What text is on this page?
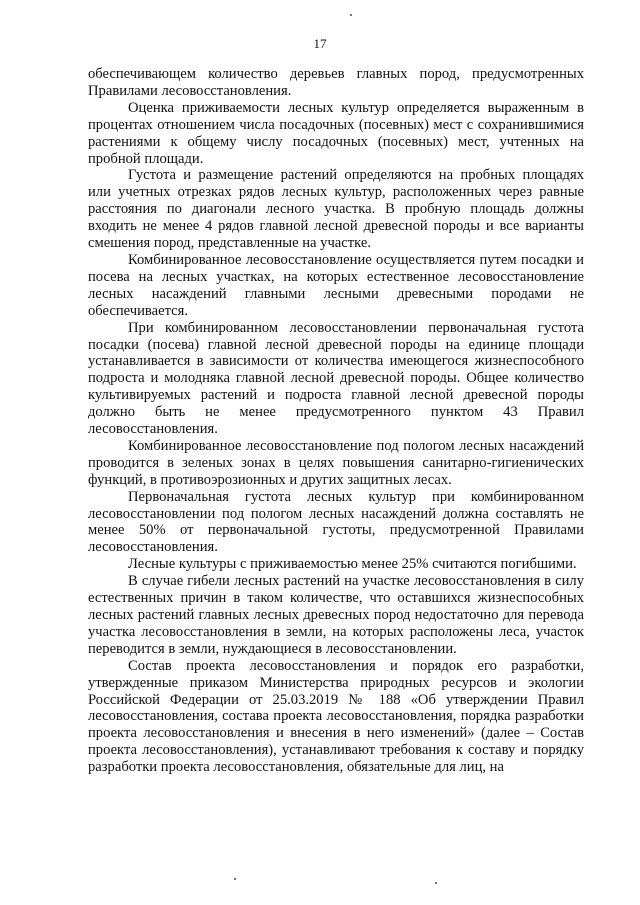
17

обеспечивающем количество деревьев главных пород, предусмотренных Правилами лесовосстановления.

Оценка приживаемости лесных культур определяется выраженным в процентах отношением числа посадочных (посевных) мест с сохранившимися растениями к общему числу посадочных (посевных) мест, учтенных на пробной площади.

Густота и размещение растений определяются на пробных площадях или учетных отрезках рядов лесных культур, расположенных через равные расстояния по диагонали лесного участка. В пробную площадь должны входить не менее 4 рядов главной лесной древесной породы и все варианты смешения пород, представленные на участке.

Комбинированное лесовосстановление осуществляется путем посадки и посева на лесных участках, на которых естественное лесовосстановление лесных насаждений главными лесными древесными породами не обеспечивается.

При комбинированном лесовосстановлении первоначальная густота посадки (посева) главной лесной древесной породы на единице площади устанавливается в зависимости от количества имеющегося жизнеспособного подроста и молодняка главной лесной древесной породы. Общее количество культивируемых растений и подроста главной лесной древесной породы должно быть не менее предусмотренного пунктом 43 Правил лесовосстановления.

Комбинированное лесовосстановление под пологом лесных насаждений проводится в зеленых зонах в целях повышения санитарно-гигиенических функций, в противоэрозионных и других защитных лесах.

Первоначальная густота лесных культур при комбинированном лесовосстановлении под пологом лесных насаждений должна составлять не менее 50% от первоначальной густоты, предусмотренной Правилами лесовосстановления.

Лесные культуры с приживаемостью менее 25% считаются погибшими.

В случае гибели лесных растений на участке лесовосстановления в силу естественных причин в таком количестве, что оставшихся жизнеспособных лесных растений главных лесных древесных пород недостаточно для перевода участка лесовосстановления в земли, на которых расположены леса, участок переводится в земли, нуждающиеся в лесовосстановлении.

Состав проекта лесовосстановления и порядок его разработки, утвержденные приказом Министерства природных ресурсов и экологии Российской Федерации от 25.03.2019 № 188 «Об утверждении Правил лесовосстановления, состава проекта лесовосстановления, порядка разработки проекта лесовосстановления и внесения в него изменений» (далее – Состав проекта лесовосстановления), устанавливают требования к составу и порядку разработки проекта лесовосстановления, обязательные для лиц, на
